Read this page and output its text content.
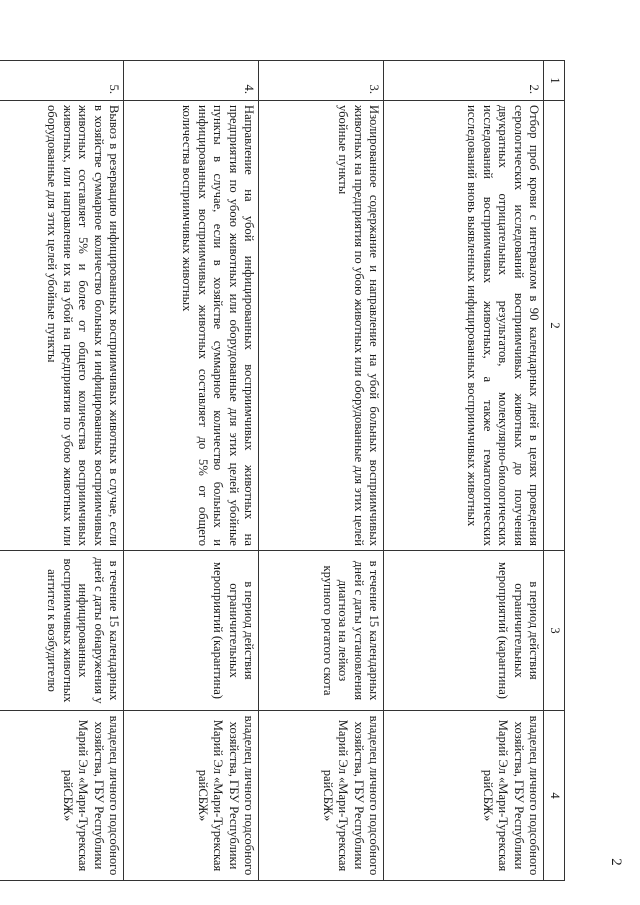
2
1	2	3	4
2.	Отбор проб крови с интервалом в 90 календарных дней в целях проведения серологических исследований восприимчивых животных до получения двукратных отрицательных результатов, молекулярно-биологических исследований восприимчивых животных, а также гематологических исследований вновь выявленных инфицированных восприимчивых животных	в период действия ограничительных мероприятий (карантина)	владелец личного подсобного хозяйства, ГБУ Республики Марий Эл «Мари-Турекская райСБЖ»
3.	Изолированное содержание и направление на убой больных восприимчивых животных на предприятия по убою животных или оборудованные для этих целей убойные пункты	в течение 15 календарных дней с даты установления диагноза на лейкоз крупного рогатого скота	владелец личного подсобного хозяйства, ГБУ Республики Марий Эл «Мари-Турекская райСБЖ»
4.	Направление на убой инфицированных восприимчивых животных на предприятия по убою животных или оборудованные для этих целей убойные пункты в случае, если в хозяйстве суммарное количество больных и инфицированных восприимчивых животных составляет до 5% от общего количества восприимчивых животных	в период действия ограничительных мероприятий (карантина)	владелец личного подсобного хозяйства, ГБУ Республики Марий Эл «Мари-Турекская райСБЖ»
5.	Вывоз в резервацию инфицированных восприимчивых животных в случае, если в хозяйстве суммарное количество больных и инфицированных восприимчивых животных составляет 5% и более от общего количества восприимчивых животных, или направление их на убой на предприятия по убою животных или оборудованные для этих целей убойные пункты	в течение 15 календарных дней с даты обнаружения у инфицированных восприимчивых животных антител к возбудителю	владелец личного подсобного хозяйства, ГБУ Республики Марий Эл «Мари-Турекская райСБЖ»
